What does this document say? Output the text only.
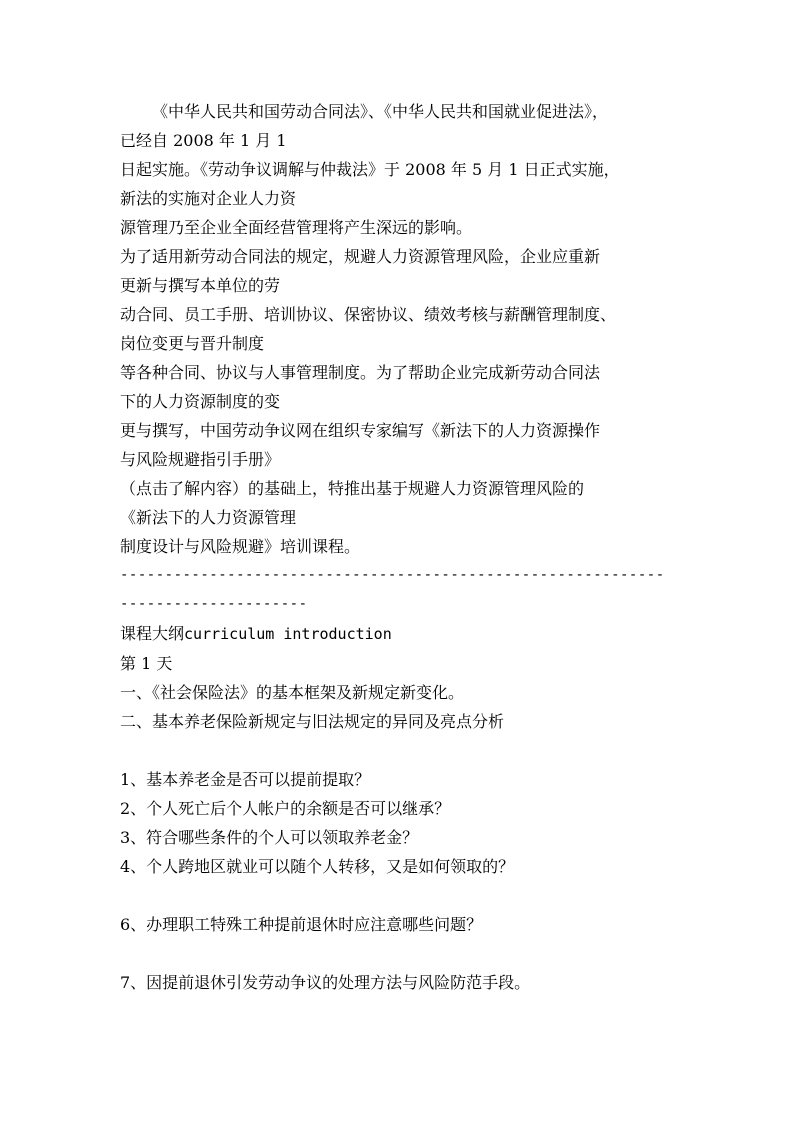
《中华人民共和国劳动合同法》、《中华人民共和国就业促进法》，
已经自 2008 年 1 月 1
日起实施。《劳动争议调解与仲裁法》于 2008 年 5 月 1 日正式实施，
新法的实施对企业人力资
源管理乃至企业全面经营管理将产生深远的影响。
为了适用新劳动合同法的规定，规避人力资源管理风险，企业应重新
更新与撰写本单位的劳
动合同、员工手册、培训协议、保密协议、绩效考核与薪酬管理制度、
岗位变更与晋升制度
等各种合同、协议与人事管理制度。为了帮助企业完成新劳动合同法
下的人力资源制度的变
更与撰写，中国劳动争议网在组织专家编写《新法下的人力资源操作
与风险规避指引手册》
（点击了解内容）的基础上，特推出基于规避人力资源管理风险的
《新法下的人力资源管理
制度设计与风险规避》培训课程。
-------------------------------------------------------------
---------------------
课程大纲curriculum introduction
第 1 天
一、《社会保险法》的基本框架及新规定新变化。
二、基本养老保险新规定与旧法规定的异同及亮点分析
1、基本养老金是否可以提前提取？
2、个人死亡后个人帐户的余额是否可以继承？
3、符合哪些条件的个人可以领取养老金？
4、个人跨地区就业可以随个人转移，又是如何领取的？
6、办理职工特殊工种提前退休时应注意哪些问题？
7、因提前退休引发劳动争议的处理方法与风险防范手段。
